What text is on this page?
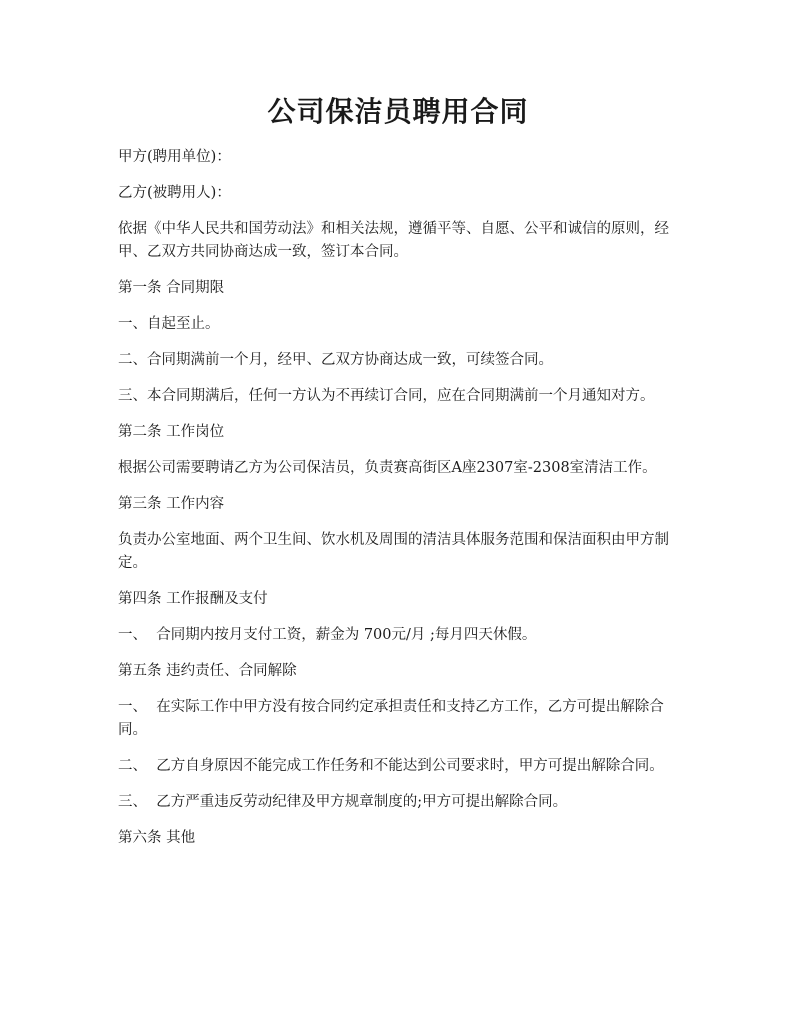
公司保洁员聘用合同

甲方(聘用单位)：

乙方(被聘用人)：

依据《中华人民共和国劳动法》和相关法规，遵循平等、自愿、公平和诚信的原则，经甲、乙双方共同协商达成一致，签订本合同。

第一条 合同期限

一、自起至止。

二、合同期满前一个月，经甲、乙双方协商达成一致，可续签合同。

三、本合同期满后，任何一方认为不再续订合同，应在合同期满前一个月通知对方。

第二条 工作岗位

根据公司需要聘请乙方为公司保洁员，负责赛高街区A座2307室-2308室清洁工作。

第三条 工作内容

负责办公室地面、两个卫生间、饮水机及周围的清洁具体服务范围和保洁面积由甲方制定。

第四条 工作报酬及支付

一、  合同期内按月支付工资，薪金为 700元/月 ;每月四天休假。

第五条 违约责任、合同解除

一、  在实际工作中甲方没有按合同约定承担责任和支持乙方工作，乙方可提出解除合同。

二、  乙方自身原因不能完成工作任务和不能达到公司要求时，甲方可提出解除合同。

三、  乙方严重违反劳动纪律及甲方规章制度的;甲方可提出解除合同。

第六条 其他
